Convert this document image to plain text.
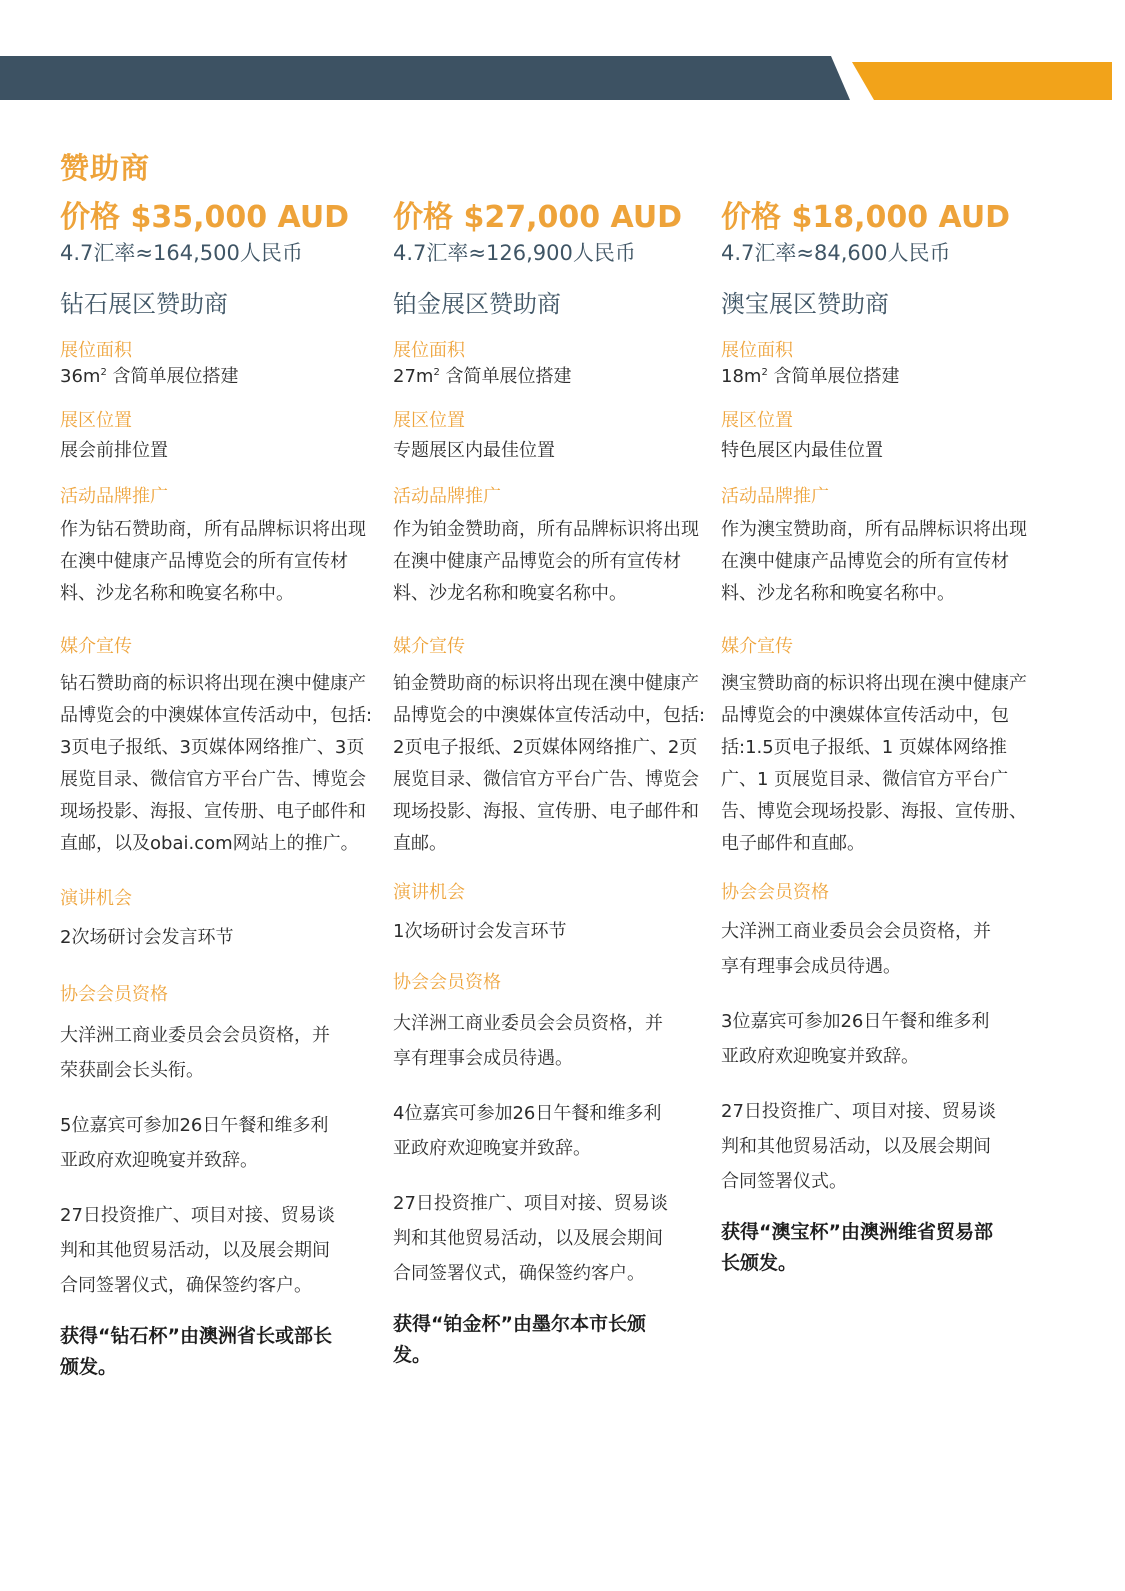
赞助商
价格 $35,000 AUD
4.7汇率≈164,500人民币
钻石展区赞助商
展位面积
$36m^2$ 含简单展位搭建
展区位置
展会前排位置
活动品牌推广
作为钻石赞助商，所有品牌标识将出现在澳中健康产品博览会的所有宣传材料、沙龙名称和晚宴名称中。
媒介宣传
钻石赞助商的标识将出现在澳中健康产品博览会的中澳媒体宣传活动中，包括: 3页电子报纸、3页媒体网络推广、3页展览目录、微信官方平台广告、博览会现场投影、海报、宣传册、电子邮件和直邮，以及obai.com网站上的推广。
演讲机会
2次场研讨会发言环节
协会会员资格
大洋洲工商业委员会会员资格，并荣获副会长头衔。
5位嘉宾可参加26日午餐和维多利亚政府欢迎晚宴并致辞。
27日投资推广、项目对接、贸易谈判和其他贸易活动，以及展会期间合同签署仪式，确保签约客户。
获得“钻石杯”由澳洲省长或部长颁发。
价格 $27,000 AUD
4.7汇率≈126,900人民币
铂金展区赞助商
展位面积
$27m^2$ 含简单展位搭建
展区位置
专题展区内最佳位置
活动品牌推广
作为铂金赞助商，所有品牌标识将出现在澳中健康产品博览会的所有宣传材料、沙龙名称和晚宴名称中。
媒介宣传
铂金赞助商的标识将出现在澳中健康产品博览会的中澳媒体宣传活动中，包括: 2页电子报纸、2页媒体网络推广、2页展览目录、微信官方平台广告、博览会现场投影、海报、宣传册、电子邮件和直邮。
演讲机会
1次场研讨会发言环节
协会会员资格
大洋洲工商业委员会会员资格，并享有理事会成员待遇。
4位嘉宾可参加26日午餐和维多利亚政府欢迎晚宴并致辞。
27日投资推广、项目对接、贸易谈判和其他贸易活动，以及展会期间合同签署仪式，确保签约客户。
获得“铂金杯”由墨尔本市长颁发。
价格 $18,000 AUD
4.7汇率≈84,600人民币
澳宝展区赞助商
展位面积
$18m^2$ 含简单展位搭建
展区位置
特色展区内最佳位置
活动品牌推广
作为澳宝赞助商，所有品牌标识将出现在澳中健康产品博览会的所有宣传材料、沙龙名称和晚宴名称中。
媒介宣传
澳宝赞助商的标识将出现在澳中健康产品博览会的中澳媒体宣传活动中，包括:1.5页电子报纸、1 页媒体网络推广、1 页展览目录、微信官方平台广告、博览会现场投影、海报、宣传册、电子邮件和直邮。
协会会员资格
大洋洲工商业委员会会员资格，并享有理事会成员待遇。
3位嘉宾可参加26日午餐和维多利亚政府欢迎晚宴并致辞。
27日投资推广、项目对接、贸易谈判和其他贸易活动，以及展会期间合同签署仪式。
获得“澳宝杯”由澳洲维省贸易部长颁发。
